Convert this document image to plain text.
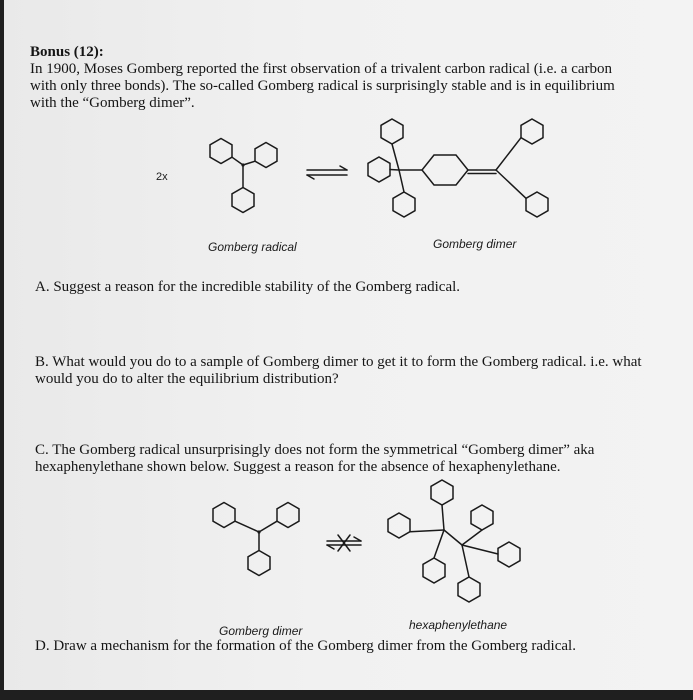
Bonus (12):

In 1900, Moses Gomberg reported the first observation of a trivalent carbon radical (i.e. a carbon

with only three bonds). The so-called Gomberg radical is surprisingly stable and is in equilibrium

with the “Gomberg dimer”.

2x
Gomberg radical	Gomberg dimer

A. Suggest a reason for the incredible stability of the Gomberg radical.

B. What would you do to a sample of Gomberg dimer to get it to form the Gomberg radical. i.e. what

would you do to alter the equilibrium distribution?

C. The Gomberg radical unsurprisingly does not form the symmetrical “Gomberg dimer” aka

hexaphenylethane shown below. Suggest a reason for the absence of hexaphenylethane.

Gomberg dimer	hexaphenylethane

D. Draw a mechanism for the formation of the Gomberg dimer from the Gomberg radical.
